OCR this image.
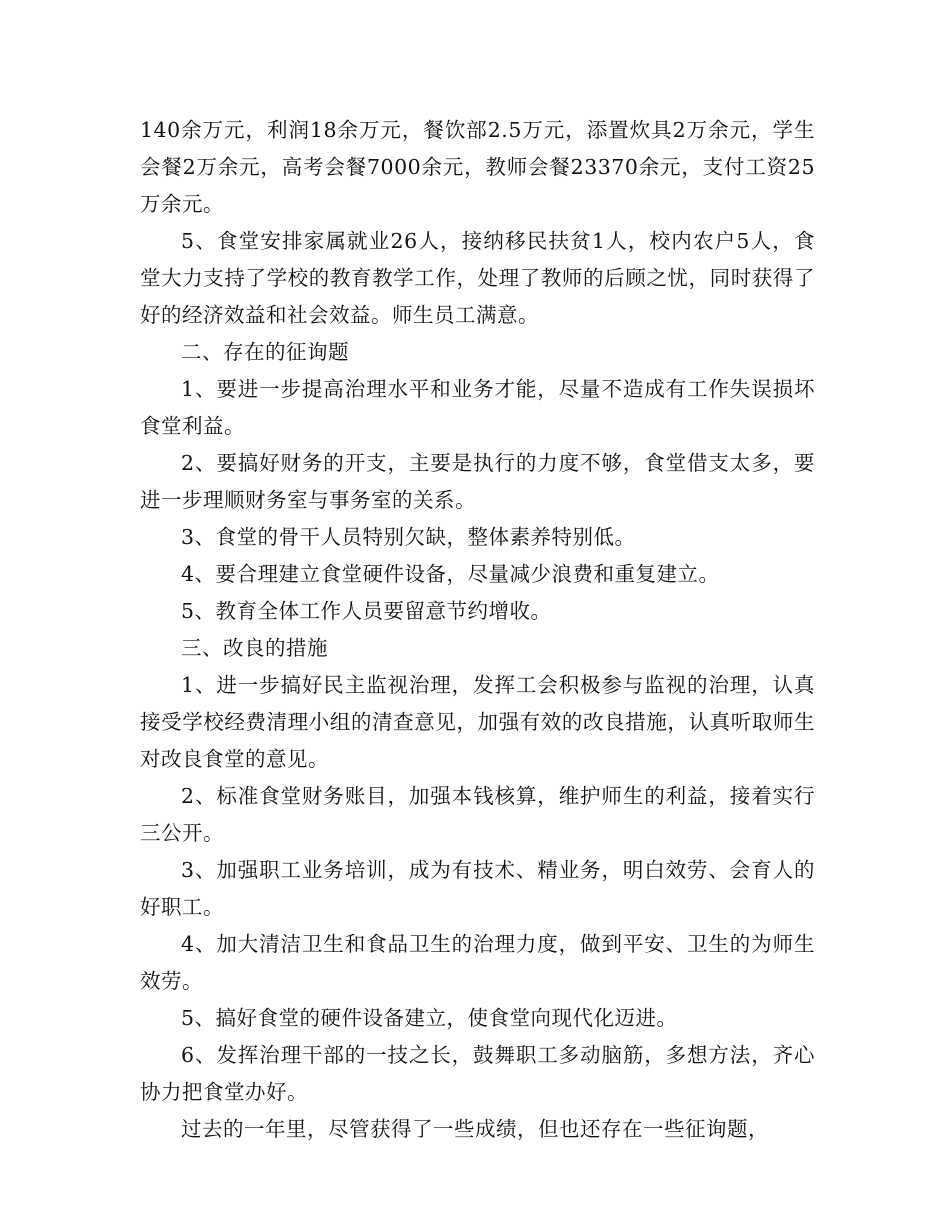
140余万元，利润18余万元，餐饮部2.5万元，添置炊具2万余元，学生会餐2万余元，高考会餐7000余元，教师会餐23370余元，支付工资25万余元。

5、食堂安排家属就业26人，接纳移民扶贫1人，校内农户5人，食堂大力支持了学校的教育教学工作，处理了教师的后顾之忧，同时获得了好的经济效益和社会效益。师生员工满意。

二、存在的征询题

1、要进一步提高治理水平和业务才能，尽量不造成有工作失误损坏食堂利益。

2、要搞好财务的开支，主要是执行的力度不够，食堂借支太多，要进一步理顺财务室与事务室的关系。

3、食堂的骨干人员特别欠缺，整体素养特别低。

4、要合理建立食堂硬件设备，尽量减少浪费和重复建立。

5、教育全体工作人员要留意节约增收。

三、改良的措施

1、进一步搞好民主监视治理，发挥工会积极参与监视的治理，认真接受学校经费清理小组的清查意见，加强有效的改良措施，认真听取师生对改良食堂的意见。

2、标准食堂财务账目，加强本钱核算，维护师生的利益，接着实行三公开。

3、加强职工业务培训，成为有技术、精业务，明白效劳、会育人的好职工。

4、加大清洁卫生和食品卫生的治理力度，做到平安、卫生的为师生效劳。

5、搞好食堂的硬件设备建立，使食堂向现代化迈进。

6、发挥治理干部的一技之长，鼓舞职工多动脑筋，多想方法，齐心协力把食堂办好。

过去的一年里，尽管获得了一些成绩，但也还存在一些征询题，
